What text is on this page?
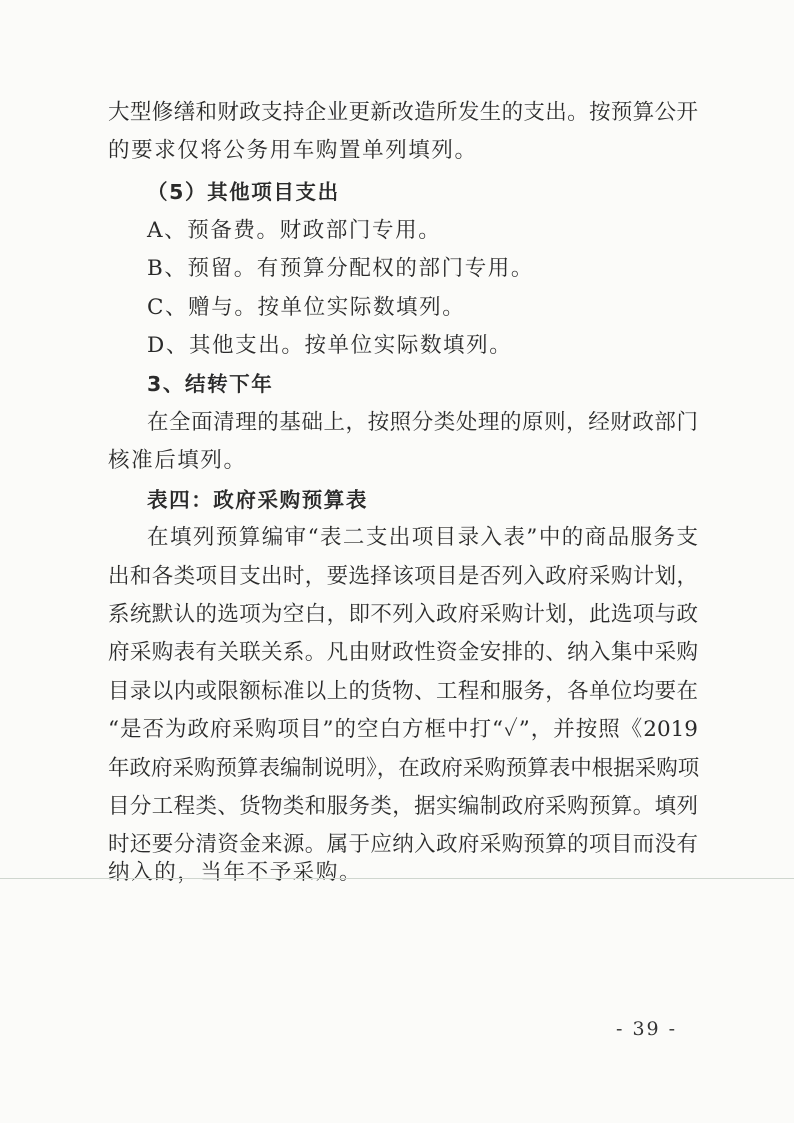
大型修缮和财政支持企业更新改造所发生的支出。按预算公开
的要求仅将公务用车购置单列填列。
（5）其他项目支出
A、预备费。财政部门专用。
B、预留。有预算分配权的部门专用。
C、赠与。按单位实际数填列。
D、其他支出。按单位实际数填列。
3、结转下年
在全面清理的基础上，按照分类处理的原则，经财政部门
核准后填列。
表四：政府采购预算表
在填列预算编审“表二支出项目录入表”中的商品服务支
出和各类项目支出时，要选择该项目是否列入政府采购计划，
系统默认的选项为空白，即不列入政府采购计划，此选项与政
府采购表有关联关系。凡由财政性资金安排的、纳入集中采购
目录以内或限额标准以上的货物、工程和服务，各单位均要在
“是否为政府采购项目”的空白方框中打“✓”，并按照《2019
年政府采购预算表编制说明》，在政府采购预算表中根据采购项
目分工程类、货物类和服务类，据实编制政府采购预算。填列
时还要分清资金来源。属于应纳入政府采购预算的项目而没有
纳入的，当年不予采购。
- 39 -
